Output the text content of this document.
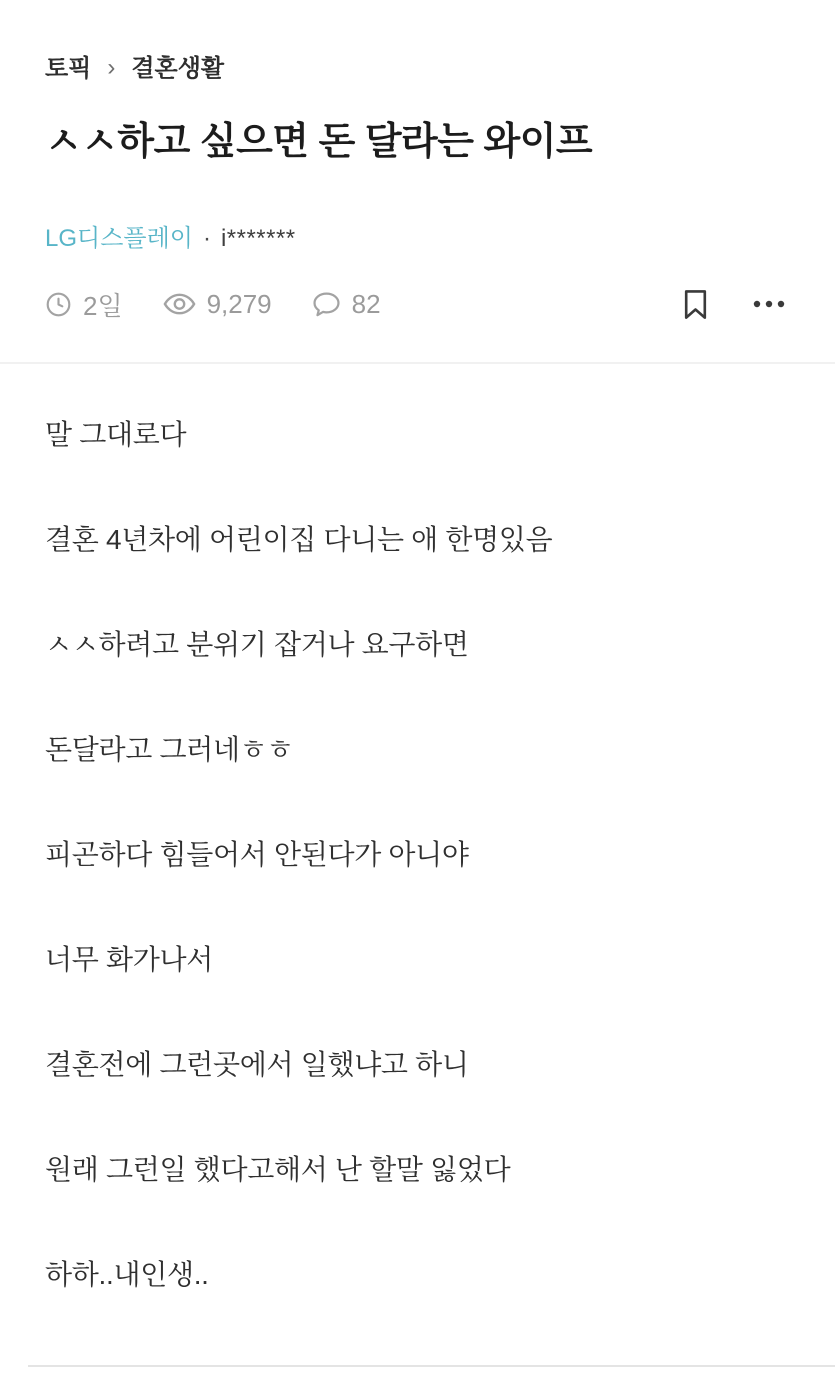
토픽 › 결혼생활
ㅅㅅ하고 싶으면 돈 달라는 와이프
LG디스플레이 · i*******
2일	9,279	82

말 그대로다

결혼 4년차에 어린이집 다니는 애 한명있음

ㅅㅅ하려고 분위기 잡거나 요구하면

돈달라고 그러네ㅎㅎ

피곤하다 힘들어서 안된다가 아니야

너무 화가나서

결혼전에 그런곳에서 일했냐고 하니

원래 그런일 했다고해서 난 할말 잃었다

하하..내인생..
